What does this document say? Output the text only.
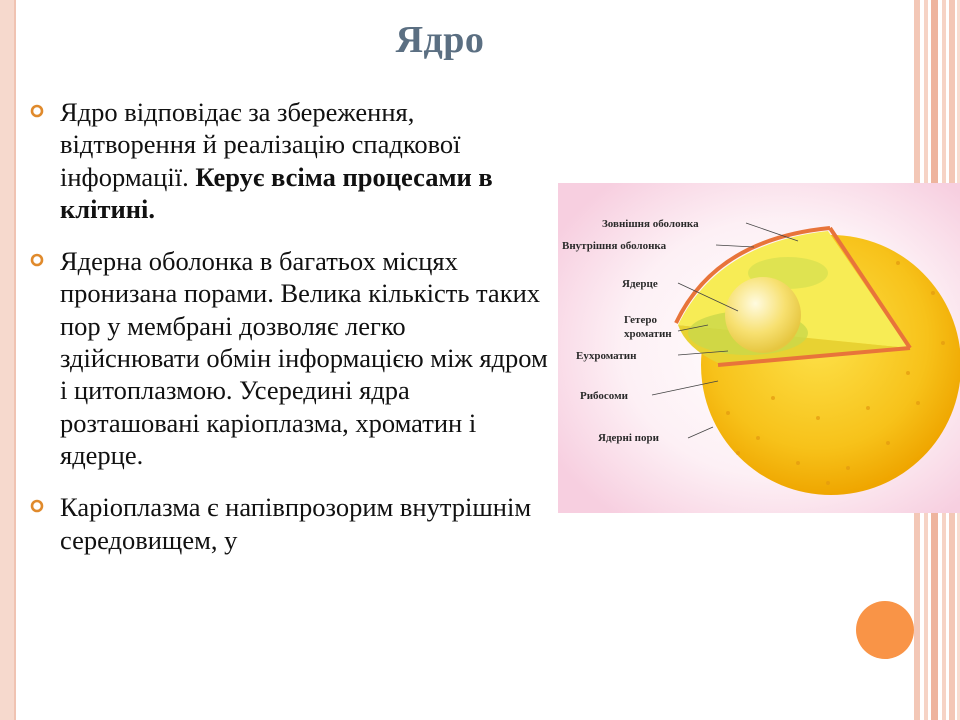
Ядро
Ядро відповідає за збереження, відтворення й реалізацію спадкової інформації. Керує всіма процесами в клітині.
Ядерна оболонка в багатьох місцях пронизана порами. Велика кількість таких пор у мембрані дозволяє легко здійснювати обмін інформацією між ядром і цитоплазмою. Усередині ядра розташовані каріоплазма, хроматин і ядерце.
Каріоплазма є напівпрозорим внутрішнім середовищем, у
Зовнішня оболонка
Внутрішня оболонка
Ядерце
Гетеро
хроматин
Еухроматин
Рибосоми
Ядерні пори
